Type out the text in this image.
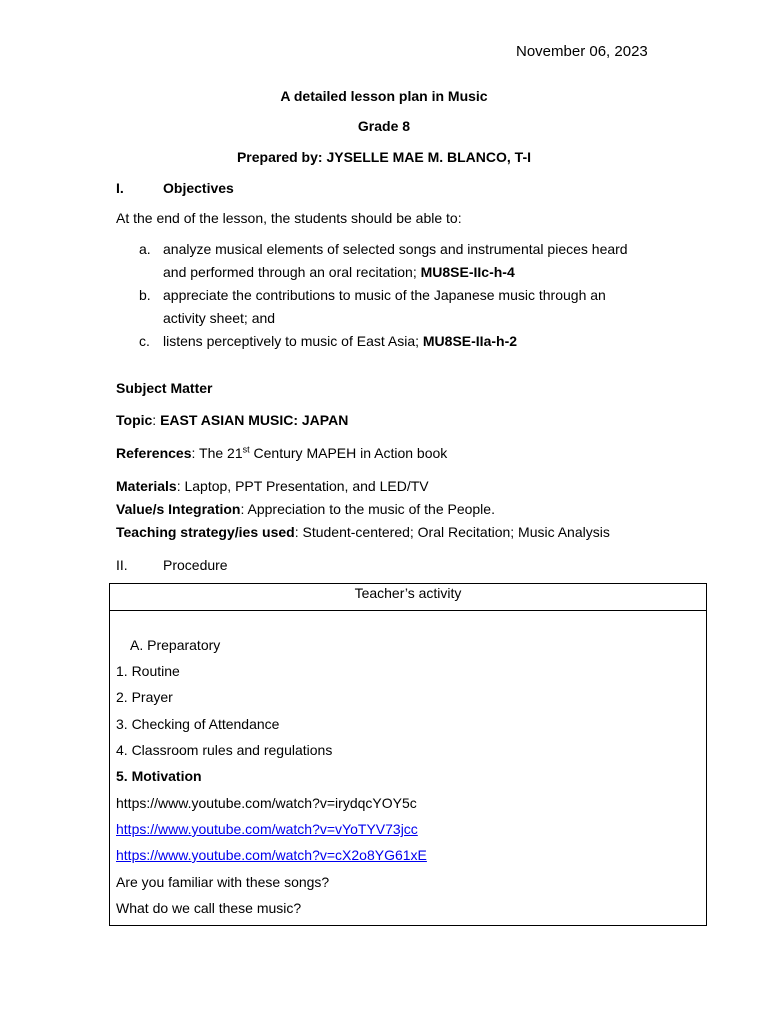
November 06, 2023
A detailed lesson plan in Music
Grade 8
Prepared by: JYSELLE MAE M. BLANCO, T-I
I.	Objectives
At the end of the lesson, the students should be able to:
a. analyze musical elements of selected songs and instrumental pieces heard
and performed through an oral recitation; MU8SE-IIc-h-4
b. appreciate the contributions to music of the Japanese music through an
activity sheet; and
c. listens perceptively to music of East Asia; MU8SE-IIa-h-2
Subject Matter
Topic: EAST ASIAN MUSIC: JAPAN
References: The 21st Century MAPEH in Action book
Materials: Laptop, PPT Presentation, and LED/TV
Value/s Integration: Appreciation to the music of the People.
Teaching strategy/ies used: Student-centered; Oral Recitation; Music Analysis
II.	Procedure
Teacher’s activity
A. Preparatory
1. Routine
2. Prayer
3. Checking of Attendance
4. Classroom rules and regulations
5. Motivation
https://www.youtube.com/watch?v=irydqcYOY5c
https://www.youtube.com/watch?v=vYoTYV73jcc
https://www.youtube.com/watch?v=cX2o8YG61xE
Are you familiar with these songs?
What do we call these music?
